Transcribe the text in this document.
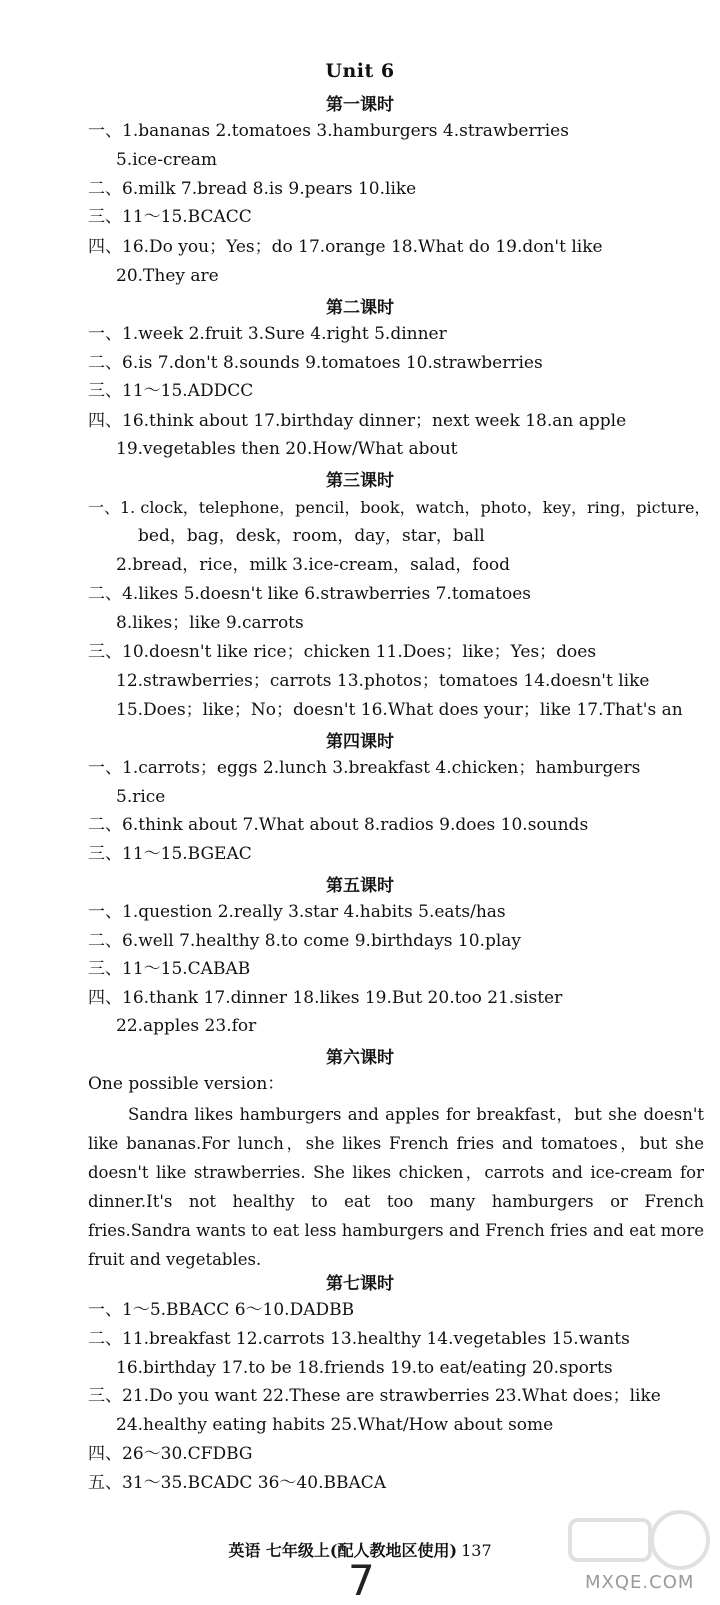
Unit 6
第一课时
一、1.bananas 2.tomatoes 3.hamburgers 4.strawberries
5.ice-cream
二、6.milk 7.bread 8.is 9.pears 10.like
三、11～15.BCACC
四、16.Do you；Yes；do 17.orange 18.What do 19.don't like
20.They are
第二课时
一、1.week 2.fruit 3.Sure 4.right 5.dinner
二、6.is 7.don't 8.sounds 9.tomatoes 10.strawberries
三、11～15.ADDCC
四、16.think about 17.birthday dinner；next week 18.an apple
19.vegetables then 20.How/What about
第三课时
一、1. clock，telephone，pencil，book，watch，photo，key，ring，picture，
bed，bag，desk，room，day，star，ball
2.bread，rice，milk 3.ice-cream，salad，food
二、4.likes 5.doesn't like 6.strawberries 7.tomatoes
8.likes；like 9.carrots
三、10.doesn't like rice；chicken 11.Does；like；Yes；does
12.strawberries；carrots 13.photos；tomatoes 14.doesn't like
15.Does；like；No；doesn't 16.What does your；like 17.That's an
第四课时
一、1.carrots；eggs 2.lunch 3.breakfast 4.chicken；hamburgers
5.rice
二、6.think about 7.What about 8.radios 9.does 10.sounds
三、11～15.BGEAC
第五课时
一、1.question 2.really 3.star 4.habits 5.eats/has
二、6.well 7.healthy 8.to come 9.birthdays 10.play
三、11～15.CABAB
四、16.thank 17.dinner 18.likes 19.But 20.too 21.sister
22.apples 23.for
第六课时
One possible version：
Sandra likes hamburgers and apples for breakfast，but she doesn't like bananas.For lunch，she likes French fries and tomatoes，but she doesn't like strawberries. She likes chicken，carrots and ice-cream for dinner.It's not healthy to eat too many hamburgers or French fries.Sandra wants to eat less hamburgers and French fries and eat more fruit and vegetables.
第七课时
一、1～5.BBACC 6～10.DADBB
二、11.breakfast 12.carrots 13.healthy 14.vegetables 15.wants
16.birthday 17.to be 18.friends 19.to eat/eating 20.sports
三、21.Do you want 22.These are strawberries 23.What does；like
24.healthy eating habits 25.What/How about some
四、26～30.CFDBG
五、31～35.BCADC 36～40.BBACA
英语 七年级上(配人教地区使用) 137
7	MXQE.COM
